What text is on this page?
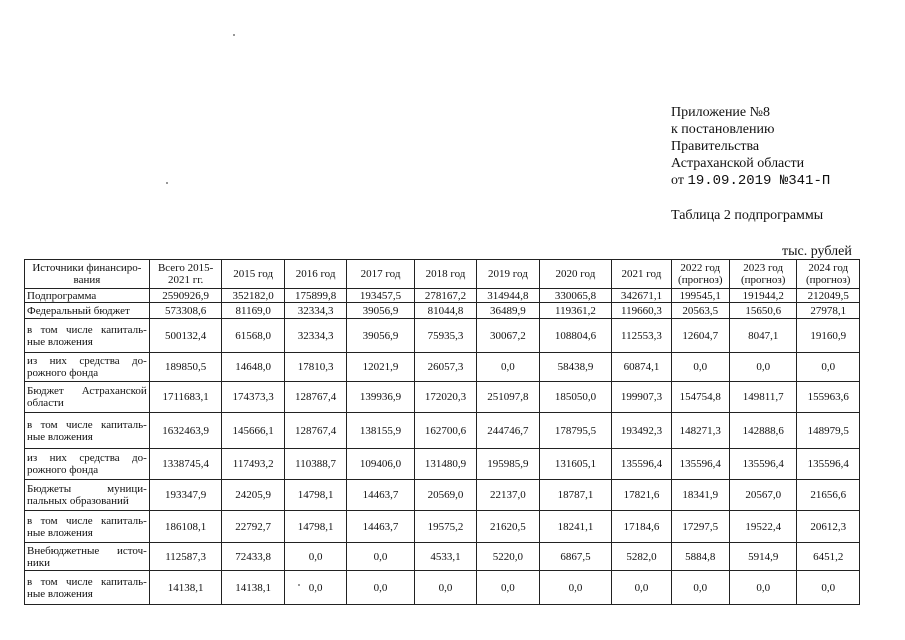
Приложение №8
к постановлению
Правительства
Астраханской области
от 19.09.2019 №341-П
Таблица 2 подпрограммы
тыс. рублей
Источники финансиро-вания	Всего 2015-2021 гг.	2015 год	2016 год	2017 год	2018 год	2019 год	2020 год	2021 год	2022 год (прогноз)	2023 год (прогноз)	2024 год (прогноз)
Подпрограмма	2590926,9	352182,0	175899,8	193457,5	278167,2	314944,8	330065,8	342671,1	199545,1	191944,2	212049,5
Федеральный бюджет	573308,6	81169,0	32334,3	39056,9	81044,8	36489,9	119361,2	119660,3	20563,5	15650,6	27978,1
в том числе капиталь-ные вложения	500132,4	61568,0	32334,3	39056,9	75935,3	30067,2	108804,6	112553,3	12604,7	8047,1	19160,9
из них средства до-рожного фонда	189850,5	14648,0	17810,3	12021,9	26057,3	0,0	58438,9	60874,1	0,0	0,0	0,0
Бюджет Астраханской области	1711683,1	174373,3	128767,4	139936,9	172020,3	251097,8	185050,0	199907,3	154754,8	149811,7	155963,6
в том числе капиталь-ные вложения	1632463,9	145666,1	128767,4	138155,9	162700,6	244746,7	178795,5	193492,3	148271,3	142888,6	148979,5
из них средства до-рожного фонда	1338745,4	117493,2	110388,7	109406,0	131480,9	195985,9	131605,1	135596,4	135596,4	135596,4	135596,4
Бюджеты муници-пальных образований	193347,9	24205,9	14798,1	14463,7	20569,0	22137,0	18787,1	17821,6	18341,9	20567,0	21656,6
в том числе капиталь-ные вложения	186108,1	22792,7	14798,1	14463,7	19575,2	21620,5	18241,1	17184,6	17297,5	19522,4	20612,3
Внебюджетные источ-ники	112587,3	72433,8	0,0	0,0	4533,1	5220,0	6867,5	5282,0	5884,8	5914,9	6451,2
в том числе капиталь-ные вложения	14138,1	14138,1	0,0	0,0	0,0	0,0	0,0	0,0	0,0	0,0	0,0
